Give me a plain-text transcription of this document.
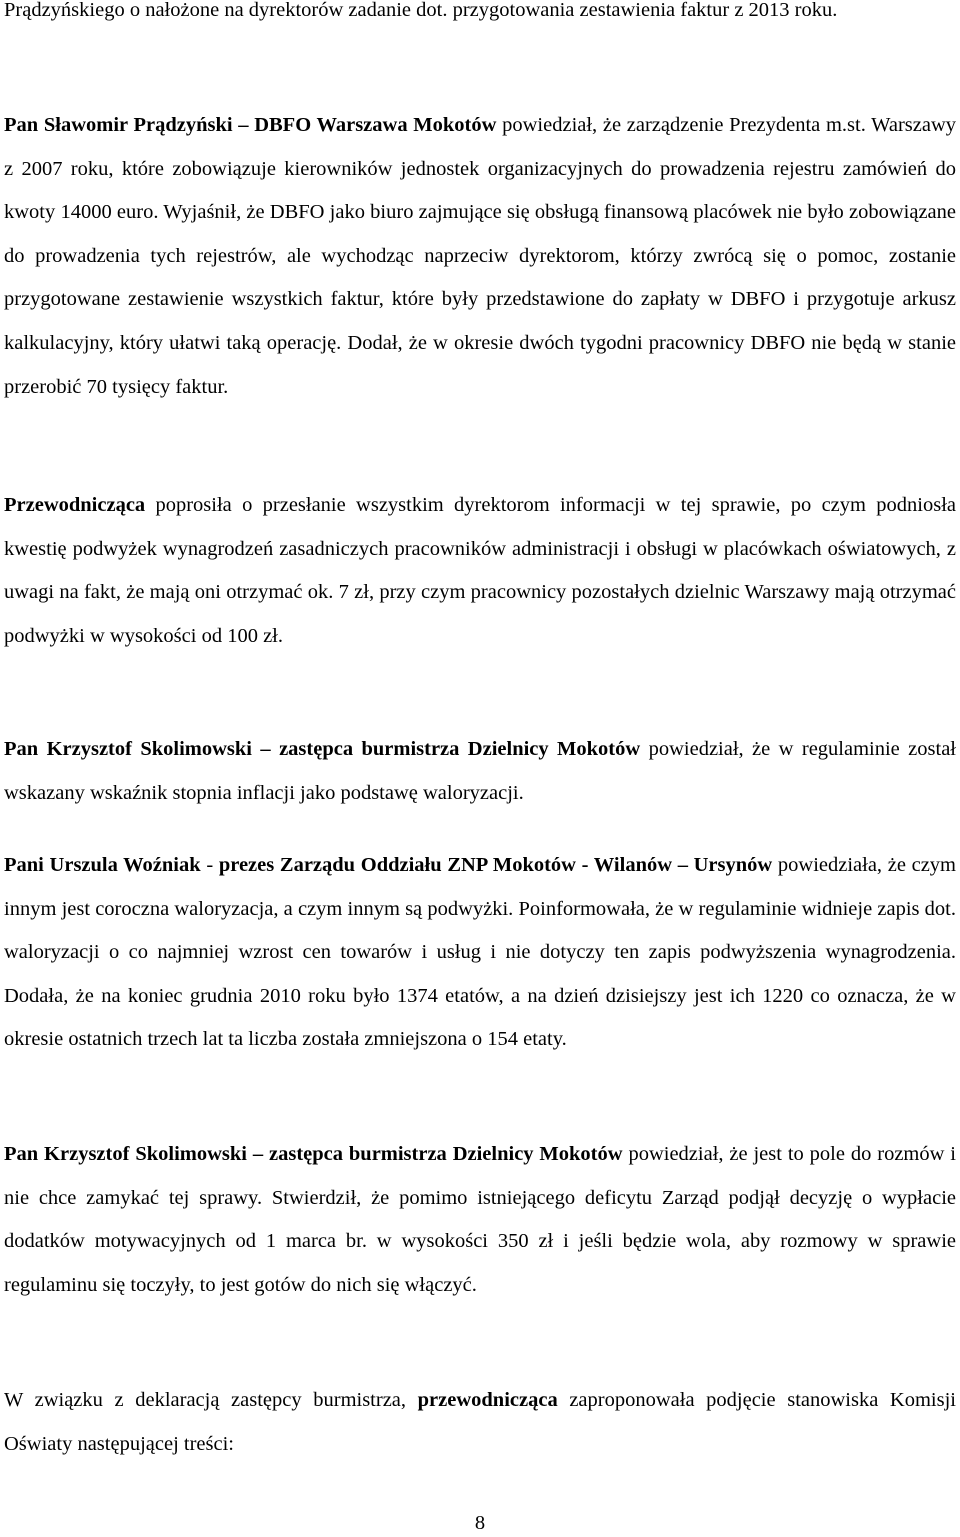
Prądzyńskiego o nałożone na dyrektorów zadanie dot. przygotowania zestawienia faktur z 2013 roku.

Pan Sławomir Prądzyński – DBFO Warszawa Mokotów powiedział, że zarządzenie Prezydenta m.st. Warszawy z 2007 roku, które zobowiązuje kierowników jednostek organizacyjnych do prowadzenia rejestru zamówień do kwoty 14000 euro. Wyjaśnił, że DBFO jako biuro zajmujące się obsługą finansową placówek nie było zobowiązane do prowadzenia tych rejestrów, ale wychodząc naprzeciw dyrektorom, którzy zwrócą się o pomoc, zostanie przygotowane zestawienie wszystkich faktur, które były przedstawione do zapłaty w DBFO i przygotuje arkusz kalkulacyjny, który ułatwi taką operację. Dodał, że w okresie dwóch tygodni pracownicy DBFO nie będą w stanie przerobić 70 tysięcy faktur.

Przewodnicząca poprosiła o przesłanie wszystkim dyrektorom informacji w tej sprawie, po czym podniosła kwestię podwyżek wynagrodzeń zasadniczych pracowników administracji i obsługi w placówkach oświatowych, z uwagi na fakt, że mają oni otrzymać ok. 7 zł, przy czym pracownicy pozostałych dzielnic Warszawy mają otrzymać podwyżki w wysokości od 100 zł.

Pan Krzysztof Skolimowski – zastępca burmistrza Dzielnicy Mokotów powiedział, że w regulaminie został wskazany wskaźnik stopnia inflacji jako podstawę waloryzacji.

Pani Urszula Woźniak - prezes Zarządu Oddziału ZNP Mokotów - Wilanów – Ursynów powiedziała, że czym innym jest coroczna waloryzacja, a czym innym są podwyżki. Poinformowała, że w regulaminie widnieje zapis dot. waloryzacji o co najmniej wzrost cen towarów i usług i nie dotyczy ten zapis podwyższenia wynagrodzenia. Dodała, że na koniec grudnia 2010 roku było 1374 etatów, a na dzień dzisiejszy jest ich 1220 co oznacza, że w okresie ostatnich trzech lat ta liczba została zmniejszona o 154 etaty.

Pan Krzysztof Skolimowski – zastępca burmistrza Dzielnicy Mokotów powiedział, że jest to pole do rozmów i nie chce zamykać tej sprawy. Stwierdził, że pomimo istniejącego deficytu Zarząd podjął decyzję o wypłacie dodatków motywacyjnych od 1 marca br. w wysokości 350 zł i jeśli będzie wola, aby rozmowy w sprawie regulaminu się toczyły, to jest gotów do nich się włączyć.

W związku z deklaracją zastępcy burmistrza, przewodnicząca zaproponowała podjęcie stanowiska Komisji Oświaty następującej treści:

8
